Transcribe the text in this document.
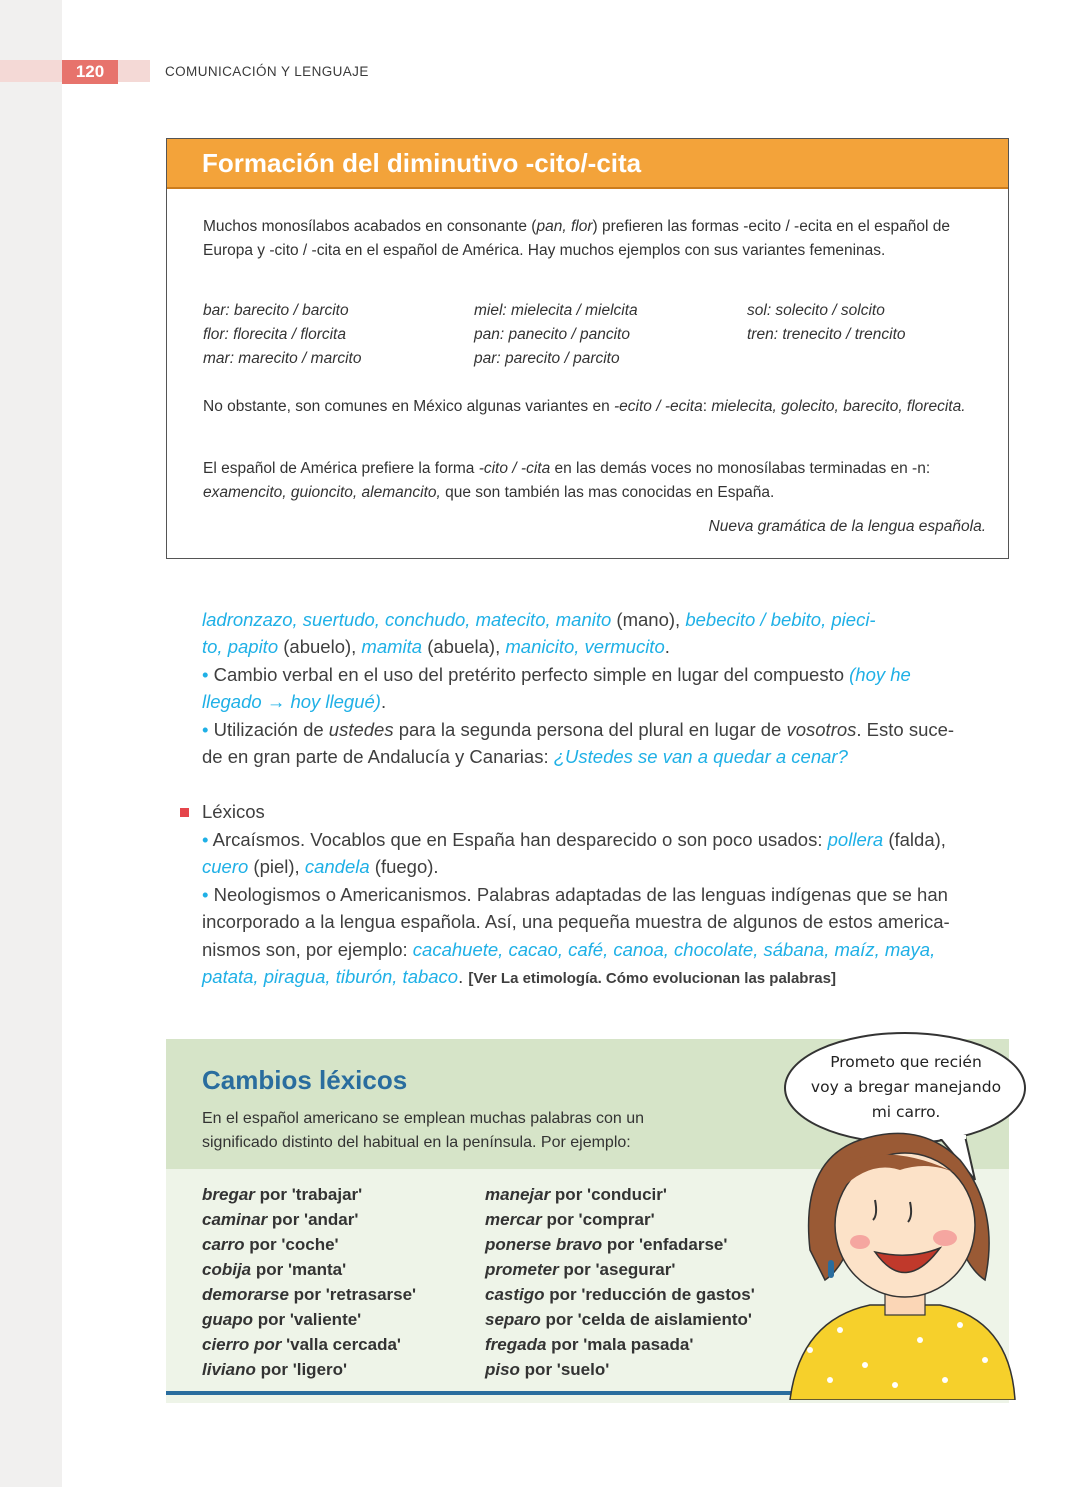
120	COMUNICACIÓN Y LENGUAJE
Formación del diminutivo -cito/-cita
Muchos monosílabos acabados en consonante (pan, flor) prefieren las formas -ecito / -ecita en el español de Europa y -cito / -cita en el español de América. Hay muchos ejemplos con sus variantes femeninas.
bar: barecito / barcito
flor: florecita / florcita
mar: marecito / marcito
miel: mielecita / mielcita
pan: panecito / pancito
par: parecito / parcito
sol: solecito / solcito
tren: trenecito / trencito
No obstante, son comunes en México algunas variantes en -ecito / -ecita: mielecita, golecito, barecito, florecita.
El español de América prefiere la forma -cito / -cita en las demás voces no monosílabas terminadas en -n: examencito, guioncito, alemancito, que son también las mas conocidas en España.
Nueva gramática de la lengua española.
ladronzazo, suertudo, conchudo, matecito, manito (mano), bebecito / bebito, pieci-
to, papito (abuelo), mamita (abuela), manicito, vermucito.
• Cambio verbal en el uso del pretérito perfecto simple en lugar del compuesto (hoy he
llegado → hoy llegué).
• Utilización de ustedes para la segunda persona del plural en lugar de vosotros. Esto suce-
de en gran parte de Andalucía y Canarias: ¿Ustedes se van a quedar a cenar?
Léxicos
• Arcaísmos. Vocablos que en España han desparecido o son poco usados: pollera (falda),
cuero (piel), candela (fuego).
• Neologismos o Americanismos. Palabras adaptadas de las lenguas indígenas que se han
incorporado a la lengua española. Así, una pequeña muestra de algunos de estos america-
nismos son, por ejemplo: cacahuete, cacao, café, canoa, chocolate, sábana, maíz, maya,
patata, piragua, tiburón, tabaco. [Ver La etimología. Cómo evolucionan las palabras]
Cambios léxicos
En el español americano se emplean muchas palabras con un
significado distinto del habitual en la península. Por ejemplo:
bregar por 'trabajar'
caminar por 'andar'
carro por 'coche'
cobija por 'manta'
demorarse por 'retrasarse'
guapo por 'valiente'
cierro por 'valla cercada'
liviano por 'ligero'
manejar por 'conducir'
mercar por 'comprar'
ponerse bravo por 'enfadarse'
prometer por 'asegurar'
castigo por 'reducción de gastos'
separo por 'celda de aislamiento'
fregada por 'mala pasada'
piso por 'suelo'
Prometo que recién
voy a bregar manejando
mi carro.
